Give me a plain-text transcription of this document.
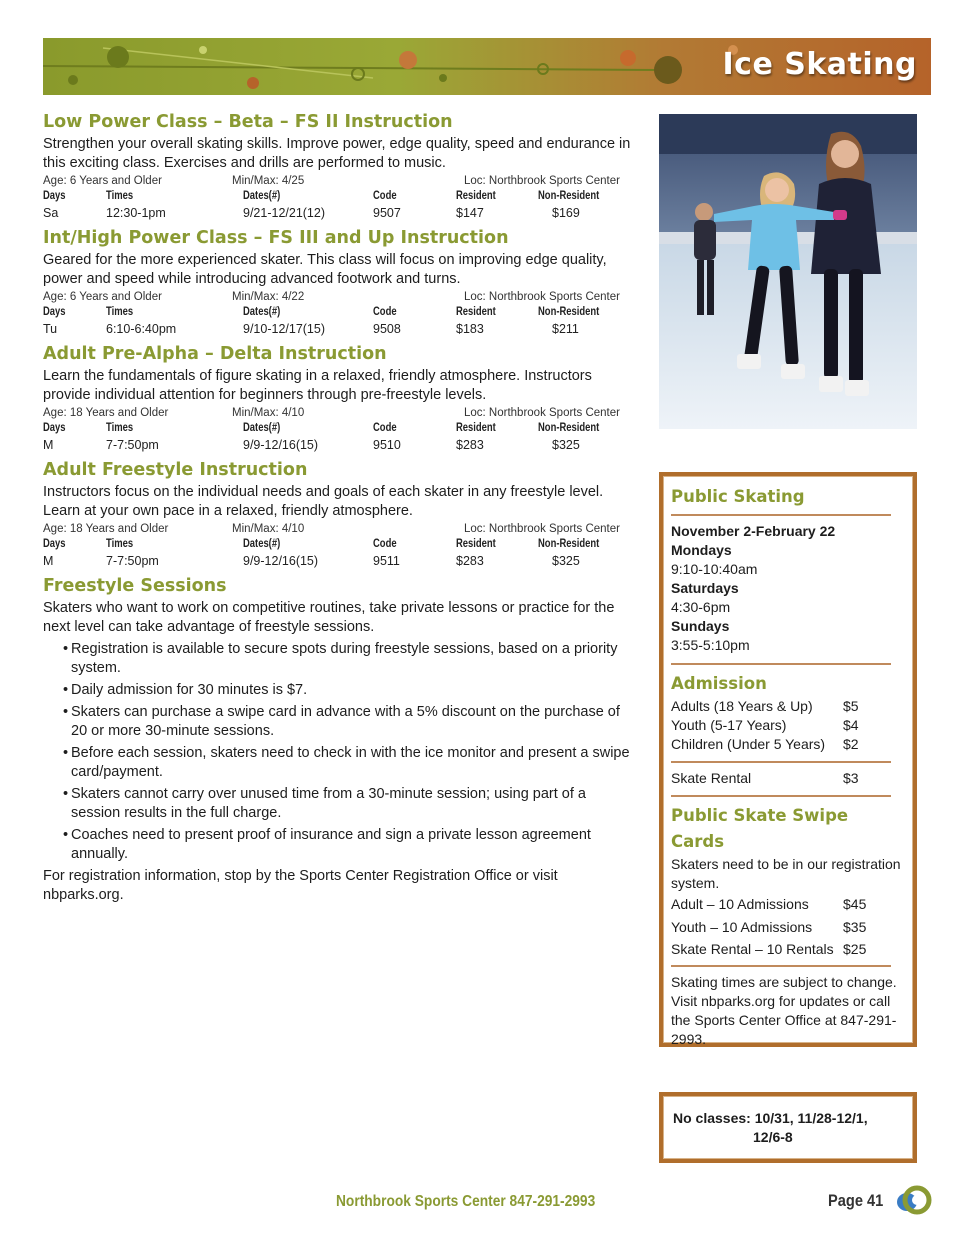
Ice Skating
Low Power Class – Beta – FS II Instruction

Strengthen your overall skating skills. Improve power, edge quality, speed and endurance in this exciting class. Exercises and drills are performed to music.

Age: 6 Years and Older	Min/Max: 4/25	Loc: Northbrook Sports Center
Days	Times	Dates(#)	Code	Resident	Non-Resident
Sa	12:30-1pm	9/21-12/21(12)	9507	$147	$169
Int/High Power Class – FS III and Up Instruction

Geared for the more experienced skater. This class will focus on improving edge quality, power and speed while introducing advanced footwork and turns.

Age: 6 Years and Older	Min/Max: 4/22	Loc: Northbrook Sports Center
Days	Times	Dates(#)	Code	Resident	Non-Resident
Tu	6:10-6:40pm	9/10-12/17(15)	9508	$183	$211
Adult Pre-Alpha – Delta Instruction

Learn the fundamentals of figure skating in a relaxed, friendly atmosphere. Instructors provide individual attention for beginners through pre-freestyle levels.

Age: 18 Years and Older	Min/Max: 4/10	Loc: Northbrook Sports Center
Days	Times	Dates(#)	Code	Resident	Non-Resident
M	7-7:50pm	9/9-12/16(15)	9510	$283	$325
Adult Freestyle Instruction

Instructors focus on the individual needs and goals of each skater in any freestyle level. Learn at your own pace in a relaxed, friendly atmosphere.

Age: 18 Years and Older	Min/Max: 4/10	Loc: Northbrook Sports Center
Days	Times	Dates(#)	Code	Resident	Non-Resident
M	7-7:50pm	9/9-12/16(15)	9511	$283	$325
Freestyle Sessions

Skaters who want to work on competitive routines, take private lessons or practice for the next level can take advantage of freestyle sessions.

• Registration is available to secure spots during freestyle sessions, based on a priority system.
• Daily admission for 30 minutes is $7.
• Skaters can purchase a swipe card in advance with a 5% discount on the purchase of 20 or more 30-minute sessions.
• Before each session, skaters need to check in with the ice monitor and present a swipe card/payment.
• Skaters cannot carry over unused time from a 30-minute session; using part of a session results in the full charge.
• Coaches need to present proof of insurance and sign a private lesson agreement annually.

For registration information, stop by the Sports Center Registration Office or visit nbparks.org.

Public Skating
November 2-February 22
Mondays
9:10-10:40am
Saturdays
4:30-6pm
Sundays
3:55-5:10pm
Admission
Adults (18 Years & Up) $5
Youth (5-17 Years)	$4
Children (Under 5 Years) $2
Skate Rental	$3
Public Skate Swipe Cards
Skaters need to be in our registration system.
Adult – 10 Admissions $45
Youth – 10 Admissions $35
Skate Rental – 10 Rentals $25
Skating times are subject to change. Visit nbparks.org for updates or call the Sports Center Office at 847-291-2993.

No classes: 10/31, 11/28-12/1,
12/6-8

Northbrook Sports Center 847-291-2993	Page 41
